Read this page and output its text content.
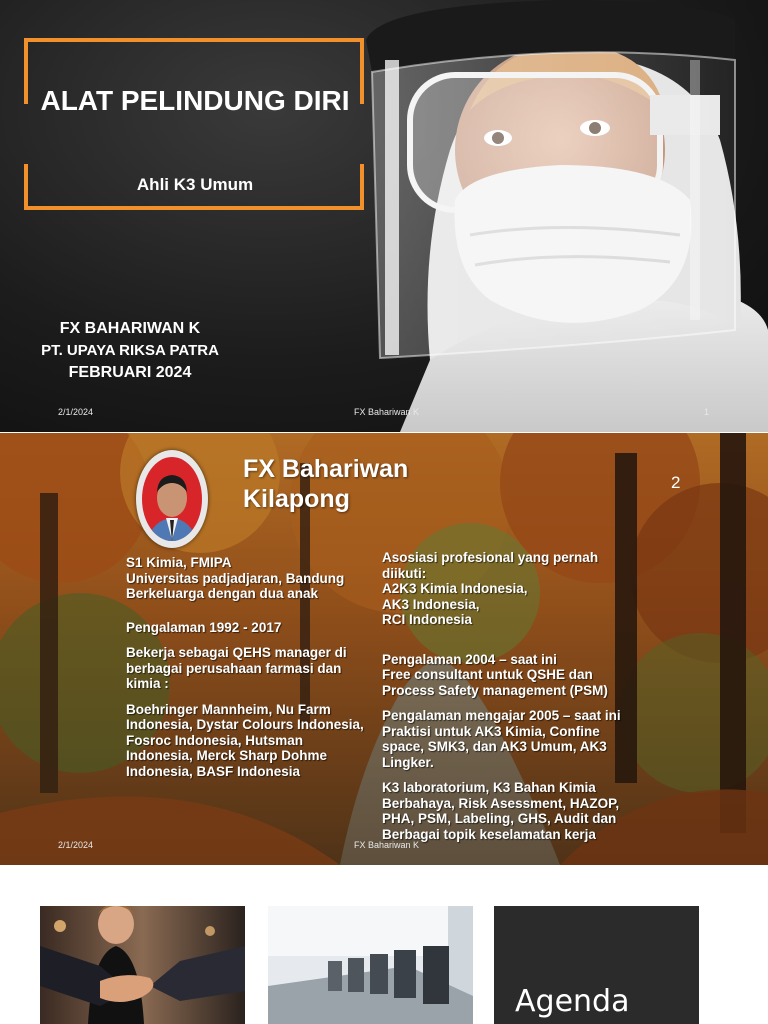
ALAT PELINDUNG DIRI
Ahli K3 Umum
FX BAHARIWAN K
PT. UPAYA RIKSA PATRA
FEBRUARI 2024
2/1/2024	FX Bahariwan K	1
FX Bahariwan Kilapong
2

S1 Kimia, FMIPA
Universitas padjadjaran, Bandung
Berkeluarga dengan dua anak

Pengalaman 1992 - 2017

Bekerja sebagai QEHS manager di berbagai perusahaan farmasi dan kimia :

Boehringer Mannheim, Nu Farm Indonesia, Dystar Colours Indonesia, Fosroc Indonesia, Hutsman Indonesia, Merck Sharp Dohme Indonesia, BASF Indonesia

Asosiasi profesional yang pernah diikuti:
A2K3 Kimia Indonesia,
AK3 Indonesia,
RCI Indonesia

Pengalaman 2004 – saat ini
Free consultant untuk QSHE dan Process Safety management (PSM)

Pengalaman mengajar 2005 – saat ini
Praktisi untuk AK3 Kimia, Confine space, SMK3, dan AK3 Umum, AK3 Lingker.

K3 laboratorium, K3 Bahan Kimia Berbahaya, Risk Asessment, HAZOP, PHA, PSM, Labeling, GHS, Audit dan Berbagai topik keselamatan kerja

2/1/2024	FX Bahariwan K
Agenda
